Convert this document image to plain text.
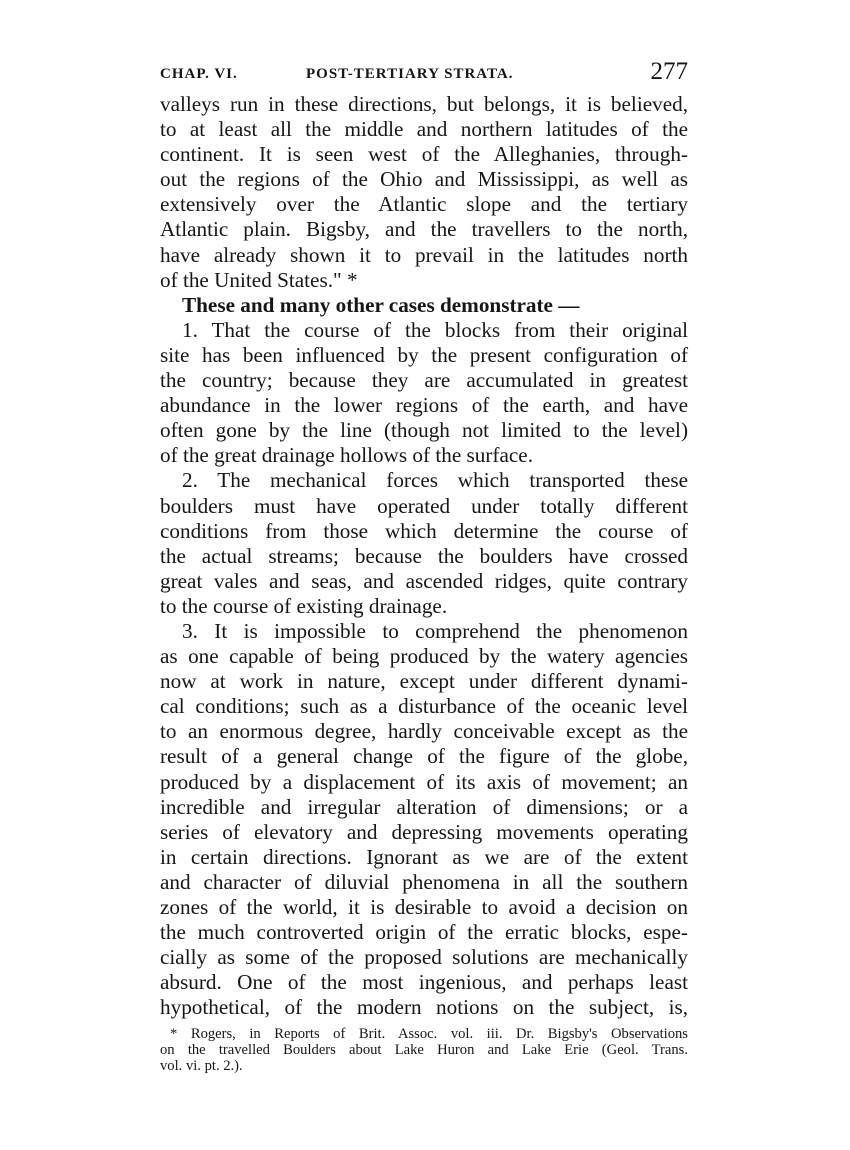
CHAP. VI.	POST-TERTIARY STRATA.	277
valleys run in these directions, but belongs, it is believed,
to at least all the middle and northern latitudes of the
continent. It is seen west of the Alleghanies, through-
out the regions of the Ohio and Mississippi, as well as
extensively over the Atlantic slope and the tertiary
Atlantic plain. Bigsby, and the travellers to the north,
have already shown it to prevail in the latitudes north
of the United States." *
These and many other cases demonstrate —
1. That the course of the blocks from their original
site has been influenced by the present configuration of
the country; because they are accumulated in greatest
abundance in the lower regions of the earth, and have
often gone by the line (though not limited to the level)
of the great drainage hollows of the surface.
2. The mechanical forces which transported these
boulders must have operated under totally different
conditions from those which determine the course of
the actual streams; because the boulders have crossed
great vales and seas, and ascended ridges, quite contrary
to the course of existing drainage.
3. It is impossible to comprehend the phenomenon
as one capable of being produced by the watery agencies
now at work in nature, except under different dynami-
cal conditions; such as a disturbance of the oceanic level
to an enormous degree, hardly conceivable except as the
result of a general change of the figure of the globe,
produced by a displacement of its axis of movement; an
incredible and irregular alteration of dimensions; or a
series of elevatory and depressing movements operating
in certain directions. Ignorant as we are of the extent
and character of diluvial phenomena in all the southern
zones of the world, it is desirable to avoid a decision on
the much controverted origin of the erratic blocks, espe-
cially as some of the proposed solutions are mechanically
absurd. One of the most ingenious, and perhaps least
hypothetical, of the modern notions on the subject, is,
* Rogers, in Reports of Brit. Assoc. vol. iii. Dr. Bigsby's Observations
on the travelled Boulders about Lake Huron and Lake Erie (Geol. Trans.
vol. vi. pt. 2.).
